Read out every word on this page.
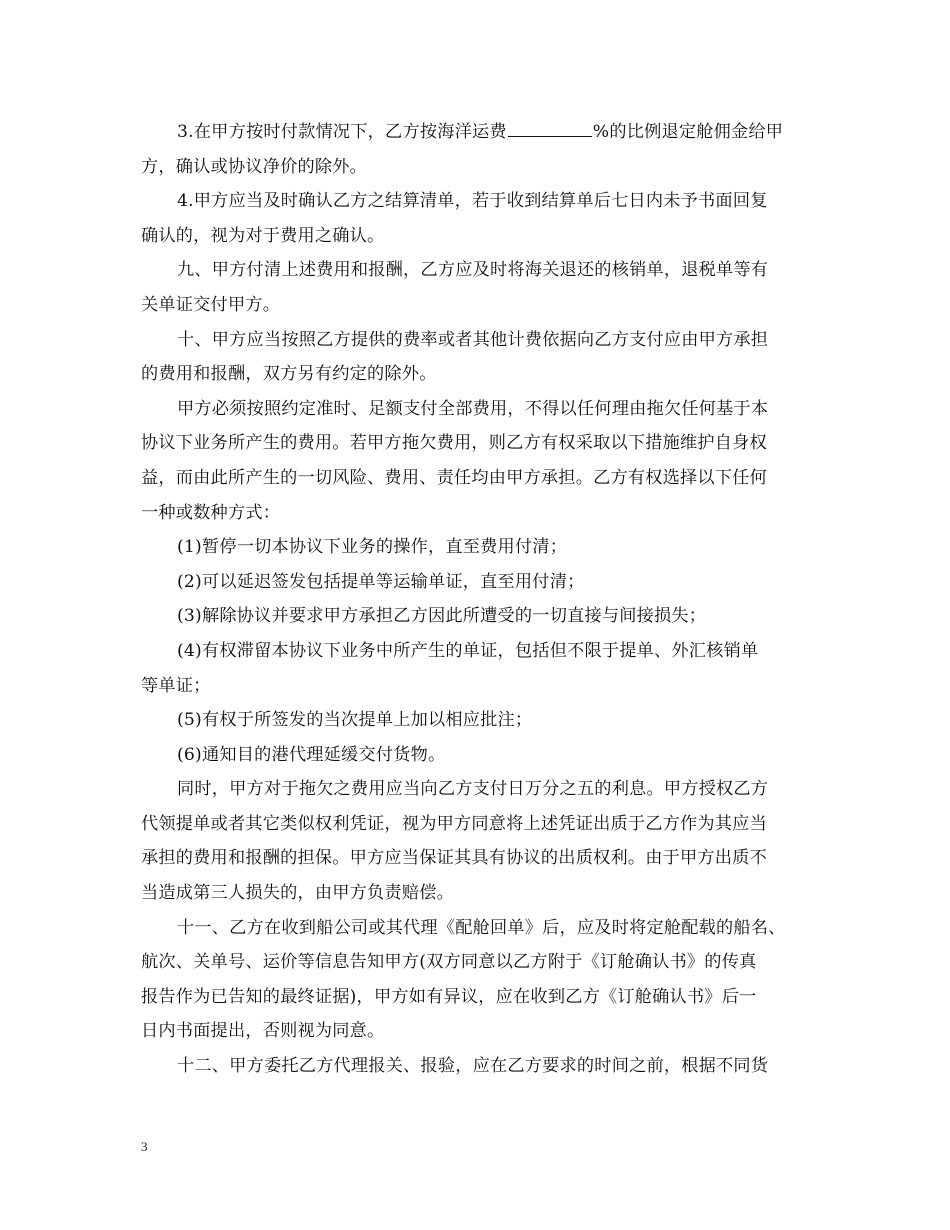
3.在甲方按时付款情况下，乙方按海洋运费	%的比例退定舱佣金给甲
方，确认或协议净价的除外。
4.甲方应当及时确认乙方之结算清单，若于收到结算单后七日内未予书面回复
确认的，视为对于费用之确认。
九、甲方付清上述费用和报酬，乙方应及时将海关退还的核销单，退税单等有
关单证交付甲方。
十、甲方应当按照乙方提供的费率或者其他计费依据向乙方支付应由甲方承担
的费用和报酬，双方另有约定的除外。
甲方必须按照约定准时、足额支付全部费用，不得以任何理由拖欠任何基于本
协议下业务所产生的费用。若甲方拖欠费用，则乙方有权采取以下措施维护自身权
益，而由此所产生的一切风险、费用、责任均由甲方承担。乙方有权选择以下任何
一种或数种方式：
(1)暂停一切本协议下业务的操作，直至费用付清；
(2)可以延迟签发包括提单等运输单证，直至用付清；
(3)解除协议并要求甲方承担乙方因此所遭受的一切直接与间接损失；
(4)有权滞留本协议下业务中所产生的单证，包括但不限于提单、外汇核销单
等单证；
(5)有权于所签发的当次提单上加以相应批注；
(6)通知目的港代理延缓交付货物。
同时，甲方对于拖欠之费用应当向乙方支付日万分之五的利息。甲方授权乙方
代领提单或者其它类似权利凭证，视为甲方同意将上述凭证出质于乙方作为其应当
承担的费用和报酬的担保。甲方应当保证其具有协议的出质权利。由于甲方出质不
当造成第三人损失的，由甲方负责赔偿。
十一、乙方在收到船公司或其代理《配舱回单》后，应及时将定舱配载的船名、
航次、关单号、运价等信息告知甲方(双方同意以乙方附于《订舱确认书》的传真
报告作为已告知的最终证据)，甲方如有异议，应在收到乙方《订舱确认书》后一
日内书面提出，否则视为同意。
十二、甲方委托乙方代理报关、报验，应在乙方要求的时间之前，根据不同货
3
